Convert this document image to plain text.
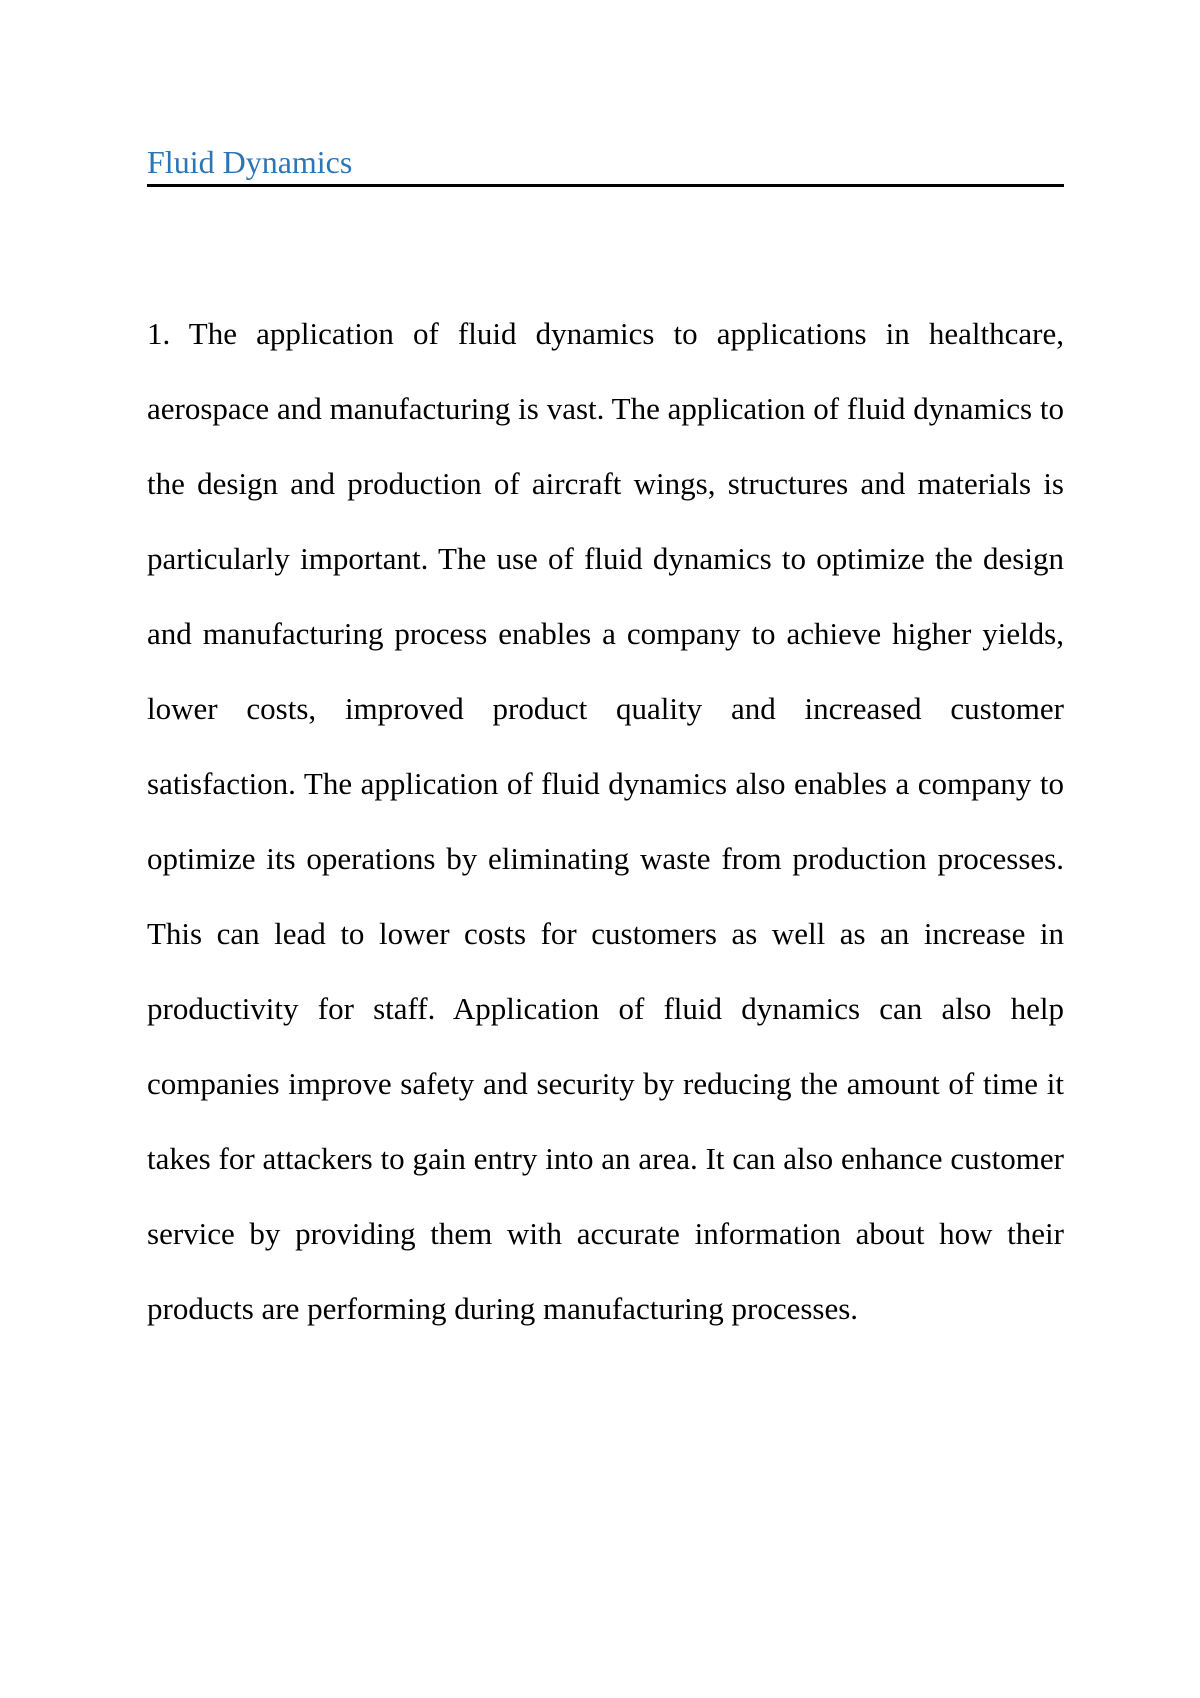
Fluid Dynamics

1. The application of fluid dynamics to applications in healthcare, aerospace and manufacturing is vast. The application of fluid dynamics to the design and production of aircraft wings, structures and materials is particularly important. The use of fluid dynamics to optimize the design and manufacturing process enables a company to achieve higher yields, lower costs, improved product quality and increased customer satisfaction. The application of fluid dynamics also enables a company to optimize its operations by eliminating waste from production processes. This can lead to lower costs for customers as well as an increase in productivity for staff. Application of fluid dynamics can also help companies improve safety and security by reducing the amount of time it takes for attackers to gain entry into an area. It can also enhance customer service by providing them with accurate information about how their products are performing during manufacturing processes.
